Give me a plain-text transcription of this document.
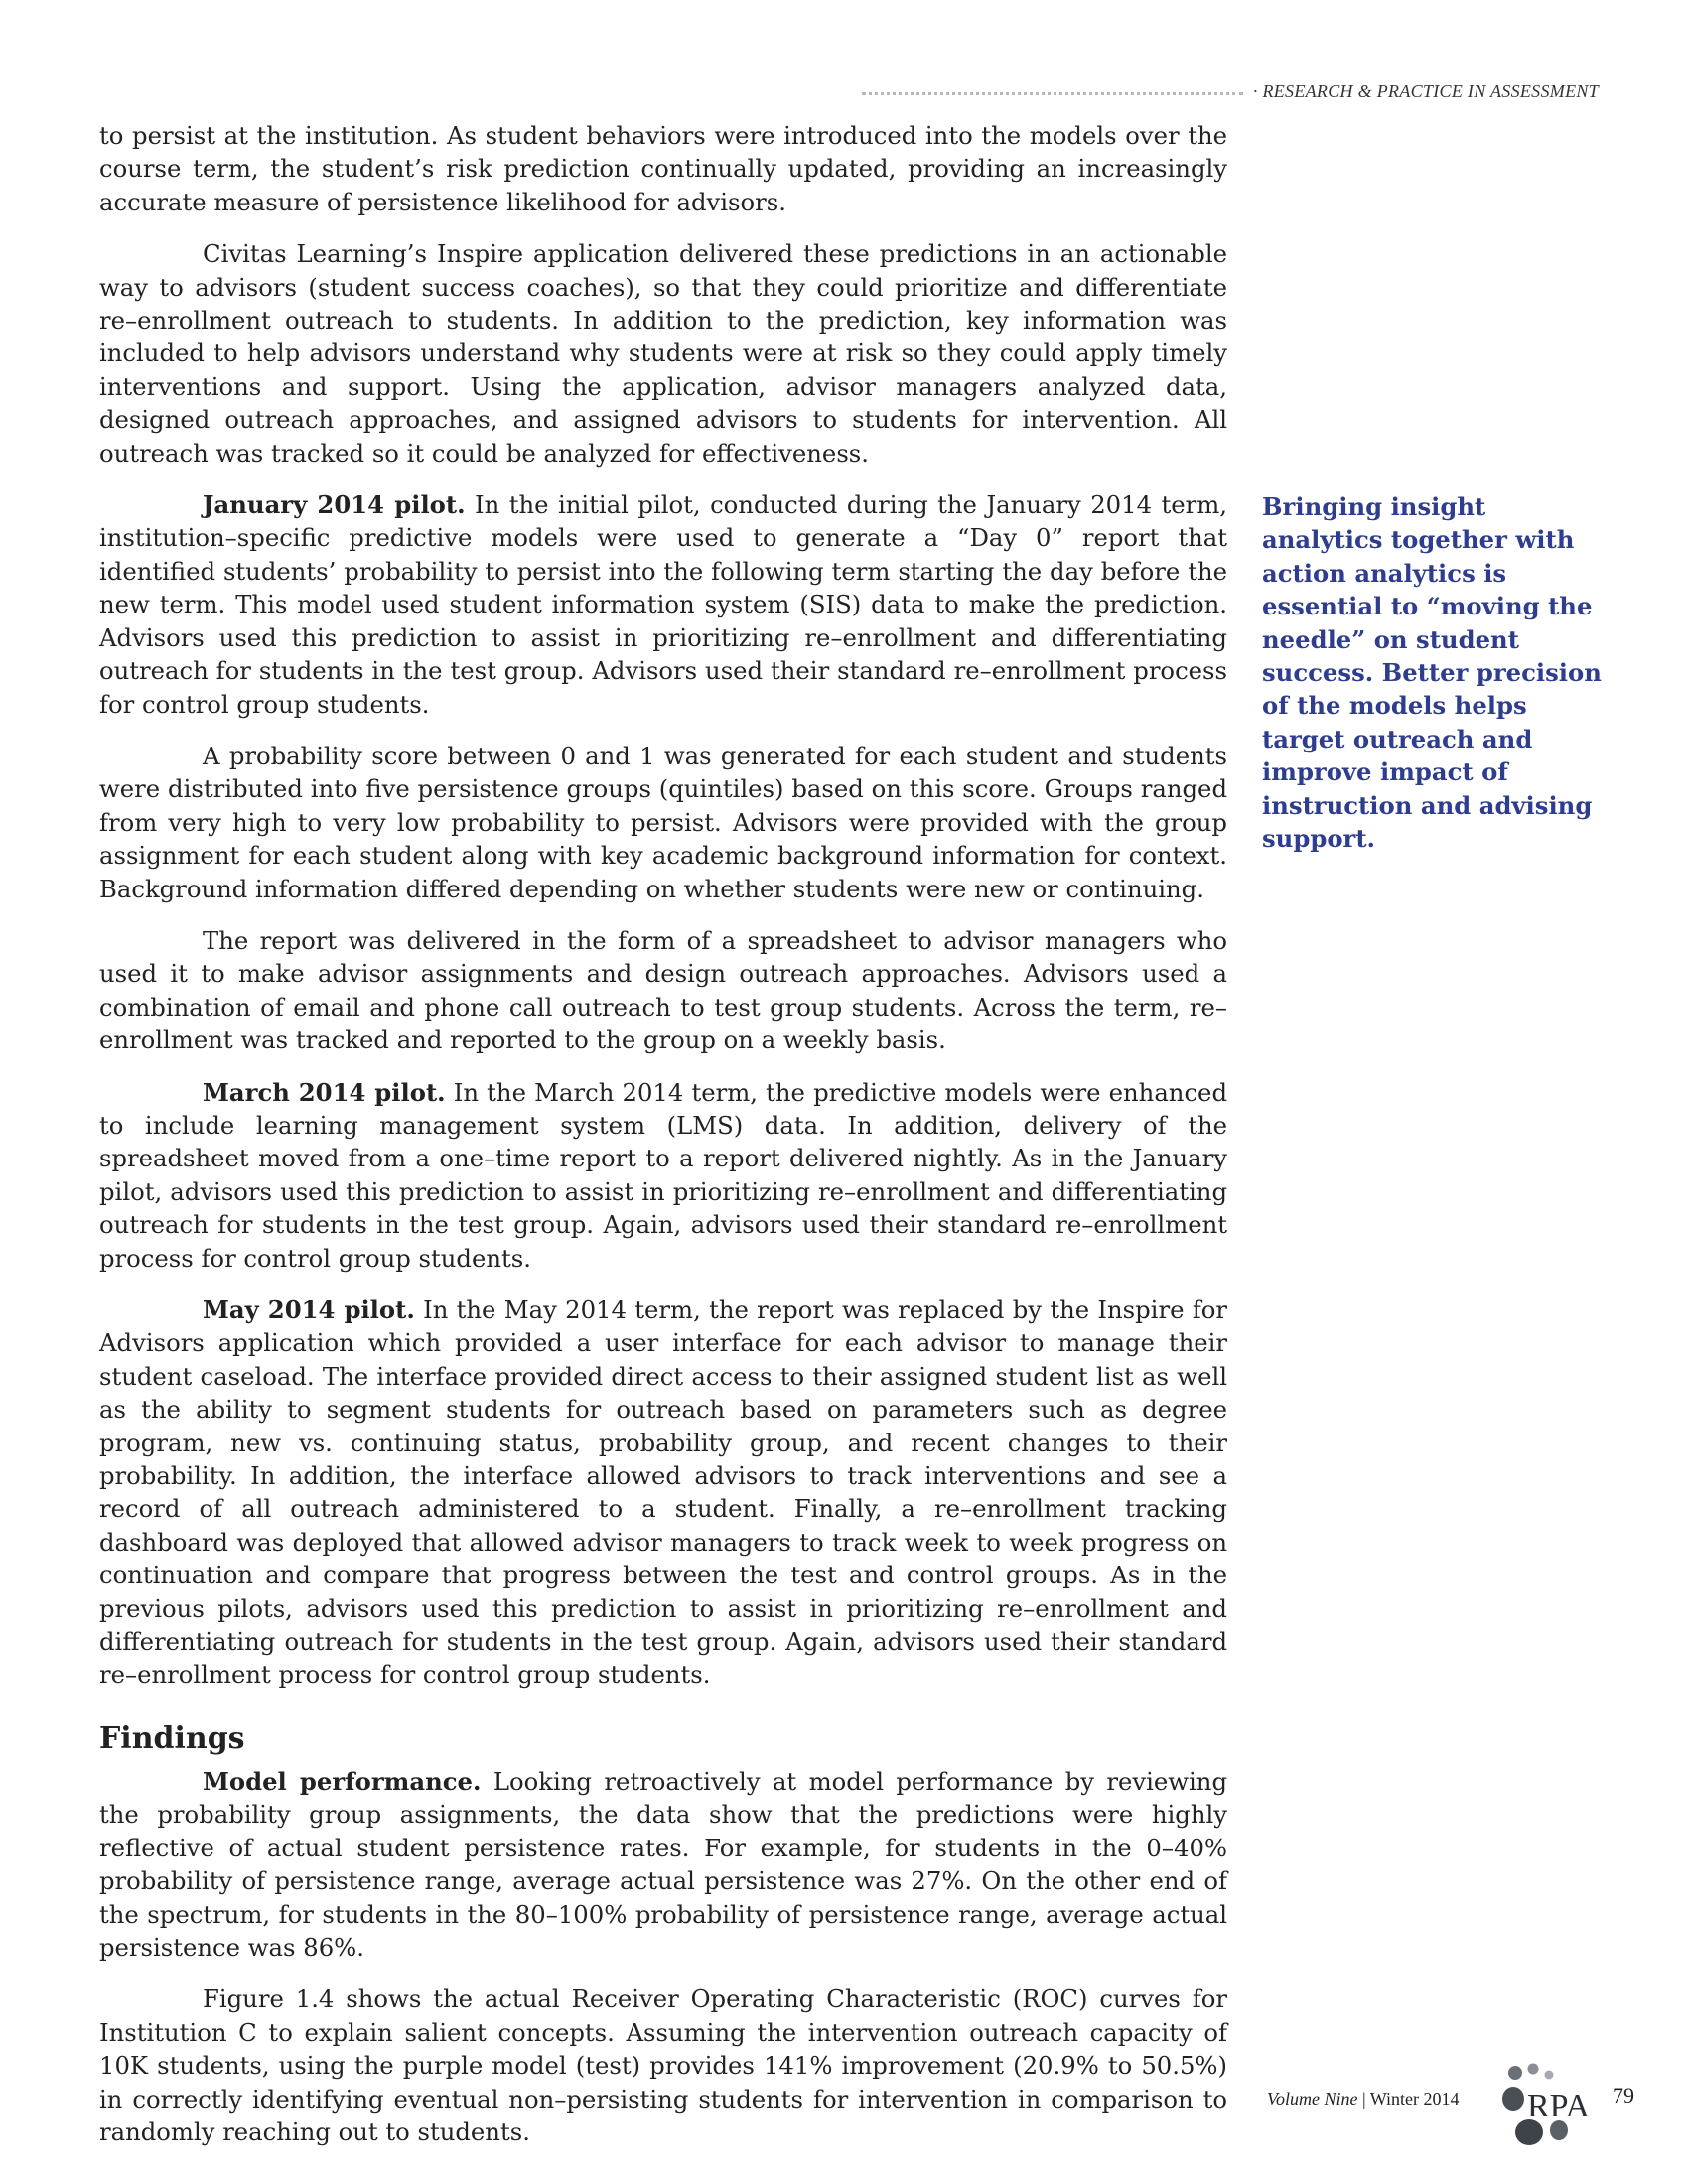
· RESEARCH & PRACTICE IN ASSESSMENT

to persist at the institution. As student behaviors were introduced into the models over the course term, the student’s risk prediction continually updated, providing an increasingly accurate measure of persistence likelihood for advisors.

Civitas Learning’s Inspire application delivered these predictions in an actionable way to advisors (student success coaches), so that they could prioritize and differentiate re–enrollment outreach to students. In addition to the prediction, key information was included to help advisors understand why students were at risk so they could apply timely interventions and support. Using the application, advisor managers analyzed data, designed outreach approaches, and assigned advisors to students for intervention. All outreach was tracked so it could be analyzed for effectiveness.

January 2014 pilot. In the initial pilot, conducted during the January 2014 term, institution–specific predictive models were used to generate a “Day 0” report that identified students’ probability to persist into the following term starting the day before the new term. This model used student information system (SIS) data to make the prediction. Advisors used this prediction to assist in prioritizing re–enrollment and differentiating outreach for students in the test group. Advisors used their standard re–enrollment process for control group students.

A probability score between 0 and 1 was generated for each student and students were distributed into five persistence groups (quintiles) based on this score. Groups ranged from very high to very low probability to persist. Advisors were provided with the group assignment for each student along with key academic background information for context. Background information differed depending on whether students were new or continuing.

The report was delivered in the form of a spreadsheet to advisor managers who used it to make advisor assignments and design outreach approaches. Advisors used a combination of email and phone call outreach to test group students. Across the term, re–enrollment was tracked and reported to the group on a weekly basis.

March 2014 pilot. In the March 2014 term, the predictive models were enhanced to include learning management system (LMS) data. In addition, delivery of the spreadsheet moved from a one–time report to a report delivered nightly. As in the January pilot, advisors used this prediction to assist in prioritizing re–enrollment and differentiating outreach for students in the test group. Again, advisors used their standard re–enrollment process for control group students.

May 2014 pilot. In the May 2014 term, the report was replaced by the Inspire for Advisors application which provided a user interface for each advisor to manage their student caseload. The interface provided direct access to their assigned student list as well as the ability to segment students for outreach based on parameters such as degree program, new vs. continuing status, probability group, and recent changes to their probability. In addition, the interface allowed advisors to track interventions and see a record of all outreach administered to a student. Finally, a re–enrollment tracking dashboard was deployed that allowed advisor managers to track week to week progress on continuation and compare that progress between the test and control groups. As in the previous pilots, advisors used this prediction to assist in prioritizing re–enrollment and differentiating outreach for students in the test group. Again, advisors used their standard re–enrollment process for control group students.

Findings

Model performance. Looking retroactively at model performance by reviewing the probability group assignments, the data show that the predictions were highly reflective of actual student persistence rates. For example, for students in the 0–40% probability of persistence range, average actual persistence was 27%. On the other end of the spectrum, for students in the 80–100% probability of persistence range, average actual persistence was 86%.

Figure 1.4 shows the actual Receiver Operating Characteristic (ROC) curves for Institution C to explain salient concepts. Assuming the intervention outreach capacity of 10K students, using the purple model (test) provides 141% improvement (20.9% to 50.5%) in correctly identifying eventual non–persisting students for intervention in comparison to randomly reaching out to students.

Bringing insight analytics together with action analytics is essential to “moving the needle” on student success. Better precision of the models helps target outreach and improve impact of instruction and advising support.
Volume Nine | Winter 2014 RPA 79
